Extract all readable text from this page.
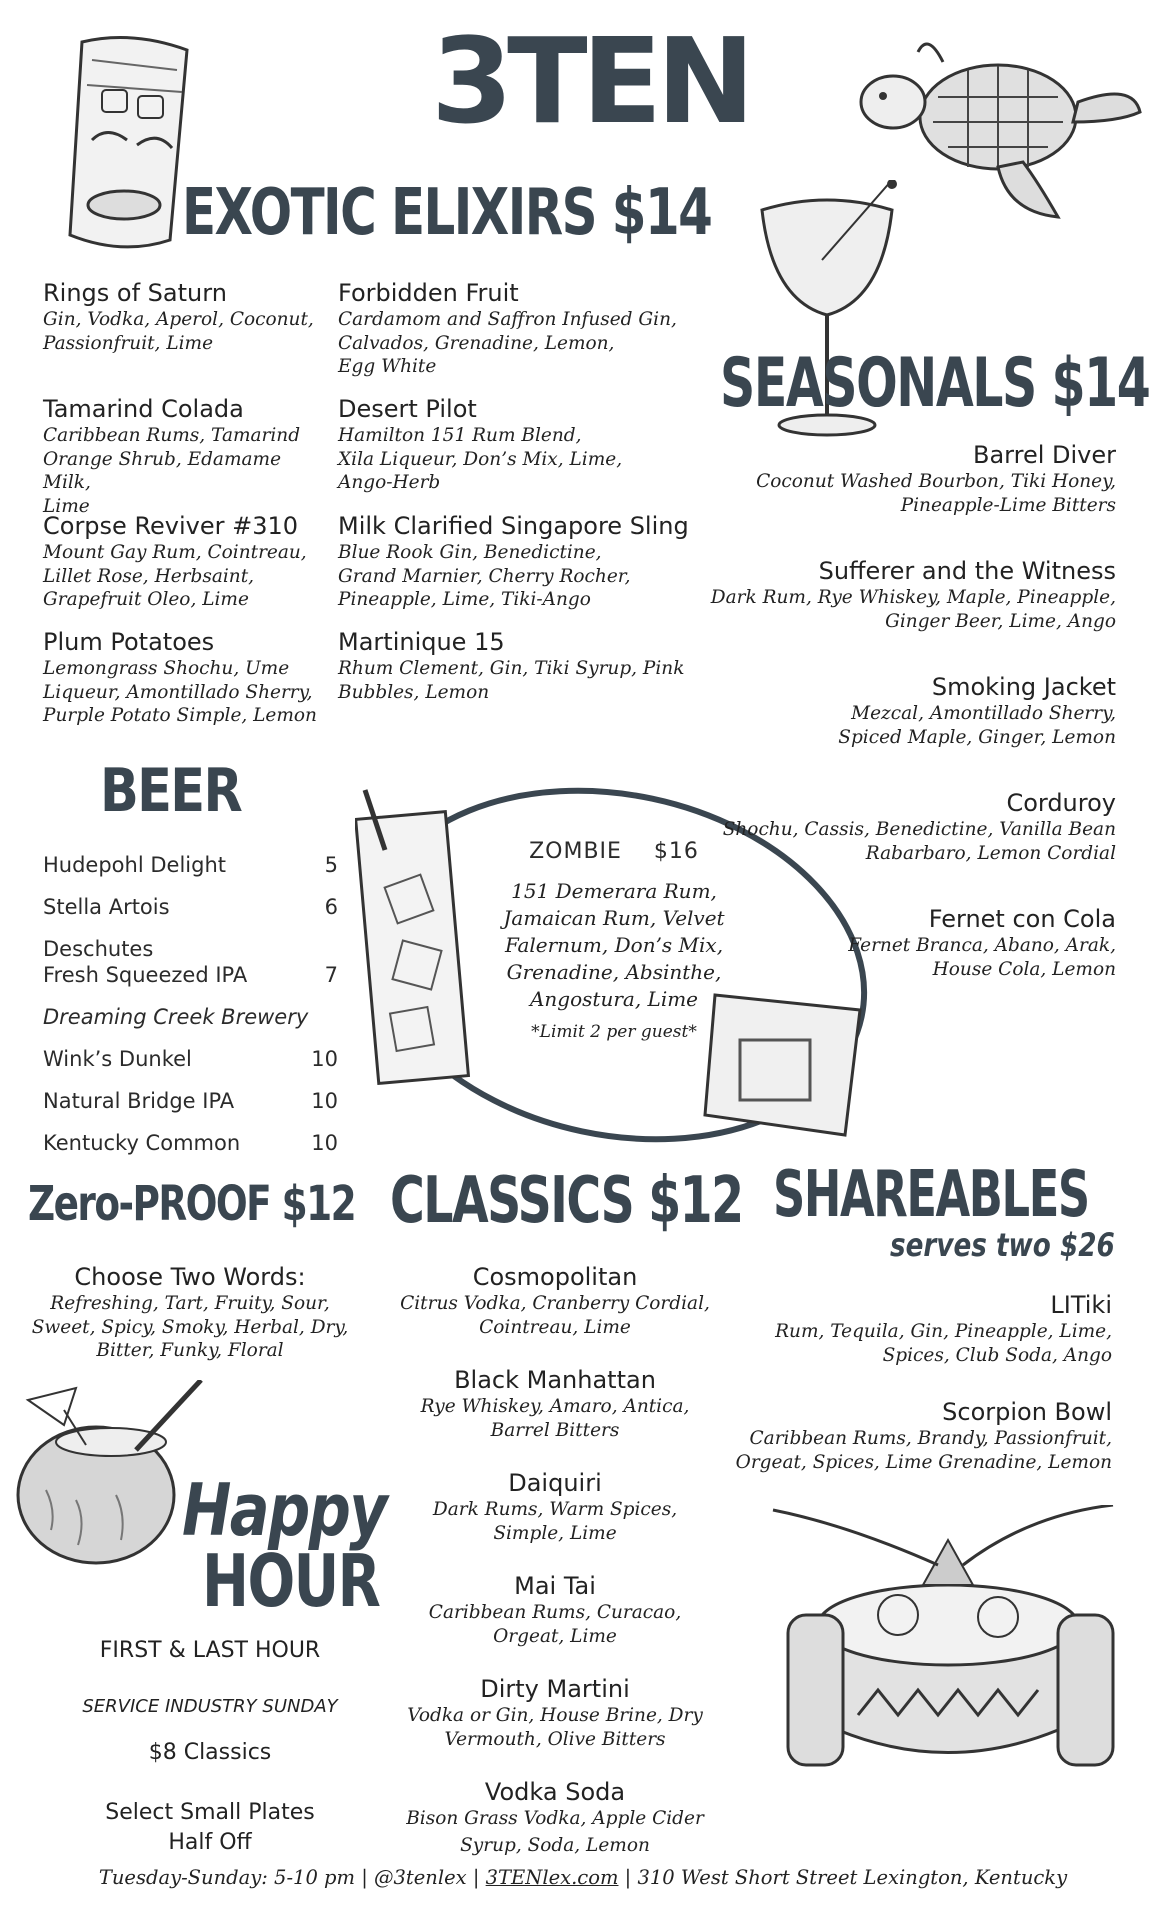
3TEN
EXOTIC ELIXIRS $14
Rings of Saturn
Gin, Vodka, Aperol, Coconut,
Passionfruit, Lime
Forbidden Fruit
Cardamom and Saffron Infused Gin,
Calvados, Grenadine, Lemon,
Egg White
Tamarind Colada
Caribbean Rums, Tamarind
Orange Shrub, Edamame Milk,
Lime
Desert Pilot
Hamilton 151 Rum Blend,
Xila Liqueur, Don’s Mix, Lime,
Ango-Herb
Corpse Reviver #310
Mount Gay Rum, Cointreau,
Lillet Rose, Herbsaint,
Grapefruit Oleo, Lime
Milk Clarified Singapore Sling
Blue Rook Gin, Benedictine,
Grand Marnier, Cherry Rocher,
Pineapple, Lime, Tiki-Ango
Plum Potatoes
Lemongrass Shochu, Ume
Liqueur, Amontillado Sherry,
Purple Potato Simple, Lemon
Martinique 15
Rhum Clement, Gin, Tiki Syrup, Pink
Bubbles, Lemon
SEASONALS $14
Barrel Diver
Coconut Washed Bourbon, Tiki Honey,
Pineapple-Lime Bitters
Sufferer and the Witness
Dark Rum, Rye Whiskey, Maple, Pineapple,
Ginger Beer, Lime, Ango
Smoking Jacket
Mezcal, Amontillado Sherry,
Spiced Maple, Ginger, Lemon
Corduroy
Shochu, Cassis, Benedictine, Vanilla Bean
Rabarbaro, Lemon Cordial
Fernet con Cola
Fernet Branca, Abano, Arak,
House Cola, Lemon
BEER
Hudepohl Delight	5
Stella Artois	6
Deschutes
Fresh Squeezed IPA	7
Dreaming Creek Brewery
Wink’s Dunkel	10
Natural Bridge IPA	10
Kentucky Common	10
ZOMBIE $16
151 Demerara Rum,
Jamaican Rum, Velvet
Falernum, Don’s Mix,
Grenadine, Absinthe,
Angostura, Lime
*Limit 2 per guest*
Zero-PROOF $12
Choose Two Words:
Refreshing, Tart, Fruity, Sour,
Sweet, Spicy, Smoky, Herbal, Dry,
Bitter, Funky, Floral
CLASSICS $12
Cosmopolitan
Citrus Vodka, Cranberry Cordial,
Cointreau, Lime
Black Manhattan
Rye Whiskey, Amaro, Antica,
Barrel Bitters
Daiquiri
Dark Rums, Warm Spices,
Simple, Lime
Mai Tai
Caribbean Rums, Curacao,
Orgeat, Lime
Dirty Martini
Vodka or Gin, House Brine, Dry
Vermouth, Olive Bitters
Vodka Soda
Bison Grass Vodka, Apple Cider
Syrup, Soda, Lemon
SHAREABLES
serves two $26
LITiki
Rum, Tequila, Gin, Pineapple, Lime,
Spices, Club Soda, Ango
Scorpion Bowl
Caribbean Rums, Brandy, Passionfruit,
Orgeat, Spices, Lime Grenadine, Lemon
Happy
HOUR
FIRST & LAST HOUR
SERVICE INDUSTRY SUNDAY
$8 Classics
Select Small Plates
Half Off
Tuesday-Sunday: 5-10 pm | @3tenlex | 3TENlex.com | 310 West Short Street Lexington, Kentucky
